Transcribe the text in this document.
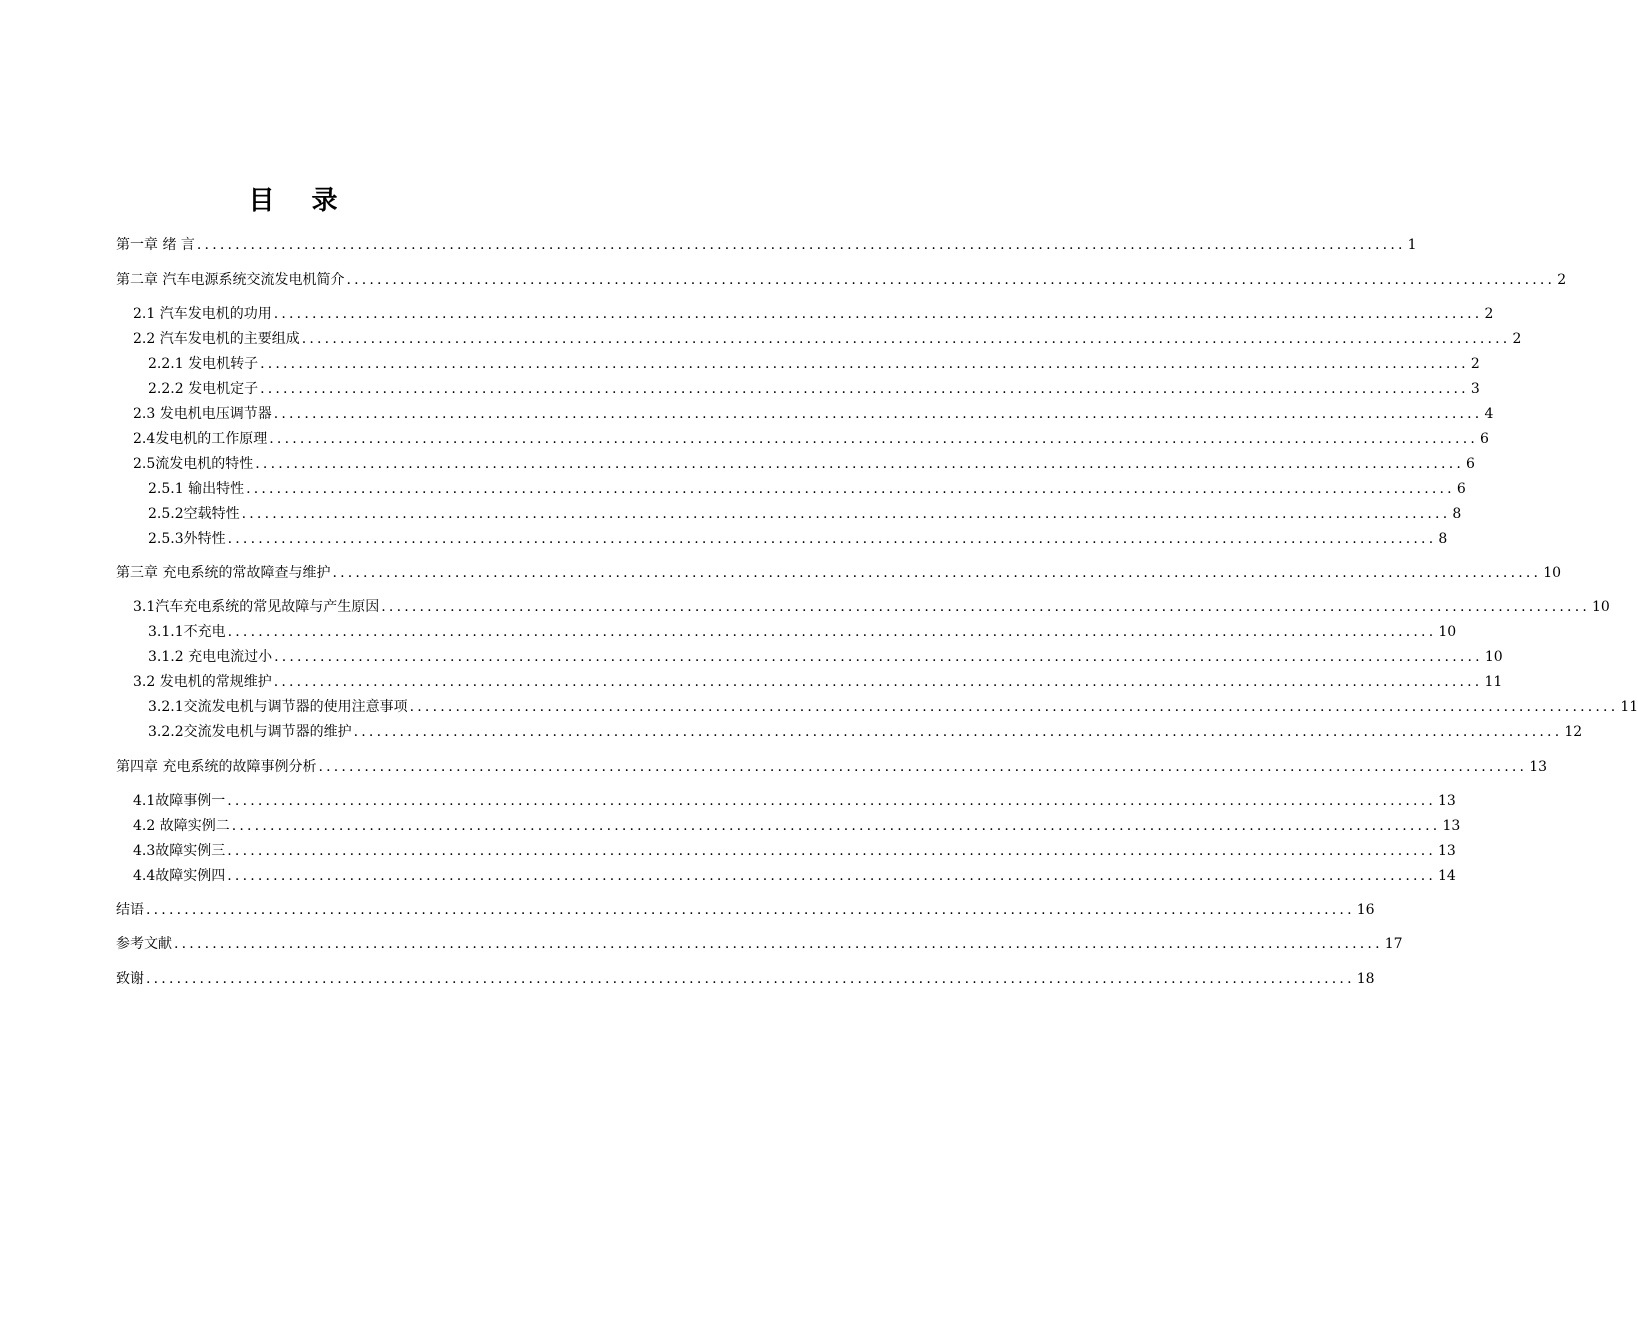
目 录
第一章 绪 言 .............................................................................................................................................................. 1
第二章 汽车电源系统交流发电机简介 .............................................................................................................................................................. 2
2.1 汽车发电机的功用 .............................................................................................................................................................. 2
2.2 汽车发电机的主要组成 .............................................................................................................................................................. 2
2.2.1 发电机转子 .............................................................................................................................................................. 2
2.2.2 发电机定子 .............................................................................................................................................................. 3
2.3 发电机电压调节器 .............................................................................................................................................................. 4
2.4发电机的工作原理 .............................................................................................................................................................. 6
2.5流发电机的特性 .............................................................................................................................................................. 6
2.5.1 输出特性 .............................................................................................................................................................. 6
2.5.2空载特性 .............................................................................................................................................................. 8
2.5.3外特性 .............................................................................................................................................................. 8
第三章 充电系统的常故障查与维护 .............................................................................................................................................................. 10
3.1汽车充电系统的常见故障与产生原因 .............................................................................................................................................................. 10
3.1.1不充电 .............................................................................................................................................................. 10
3.1.2 充电电流过小 .............................................................................................................................................................. 10
3.2 发电机的常规维护 .............................................................................................................................................................. 11
3.2.1交流发电机与调节器的使用注意事项 .............................................................................................................................................................. 11
3.2.2交流发电机与调节器的维护 .............................................................................................................................................................. 12
第四章 充电系统的故障事例分析 .............................................................................................................................................................. 13
4.1故障事例一 .............................................................................................................................................................. 13
4.2 故障实例二 .............................................................................................................................................................. 13
4.3故障实例三 .............................................................................................................................................................. 13
4.4故障实例四 .............................................................................................................................................................. 14
结语 .............................................................................................................................................................. 16
参考文献 .............................................................................................................................................................. 17
致谢 .............................................................................................................................................................. 18
